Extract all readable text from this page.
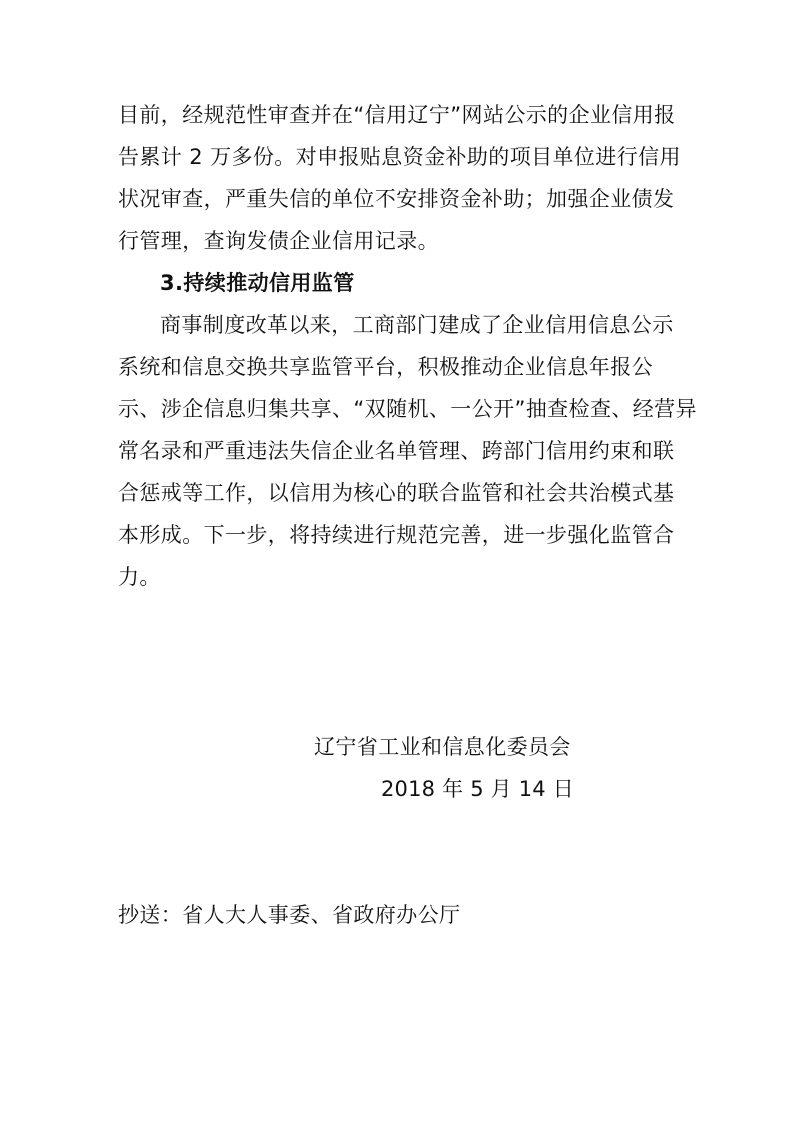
目前，经规范性审查并在“信用辽宁”网站公示的企业信用报
告累计 2 万多份。对申报贴息资金补助的项目单位进行信用
状况审查，严重失信的单位不安排资金补助；加强企业债发
行管理，查询发债企业信用记录。
3.持续推动信用监管
商事制度改革以来，工商部门建成了企业信用信息公示
系统和信息交换共享监管平台，积极推动企业信息年报公
示、涉企信息归集共享、“双随机、一公开”抽查检查、经营异
常名录和严重违法失信企业名单管理、跨部门信用约束和联
合惩戒等工作，以信用为核心的联合监管和社会共治模式基
本形成。下一步，将持续进行规范完善，进一步强化监管合
力。
辽宁省工业和信息化委员会
2018 年 5 月 14 日
抄送：省人大人事委、省政府办公厅
